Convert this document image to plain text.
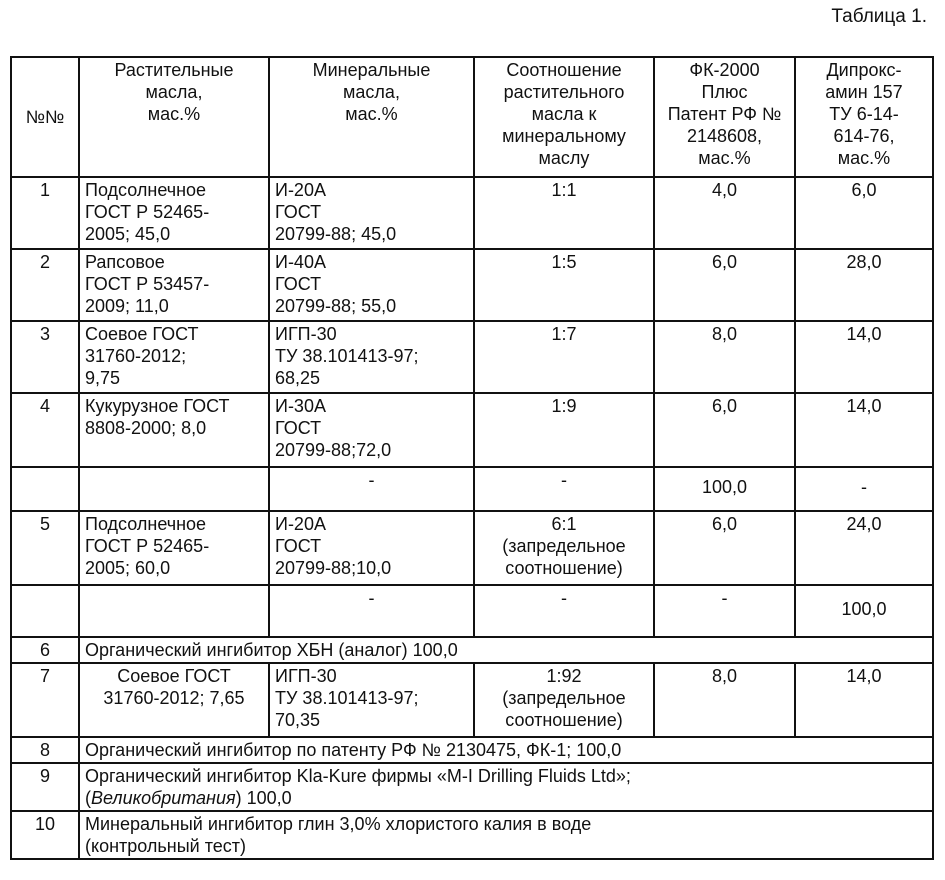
Таблица 1.
№№	Растительные
масла,
мас.%	Минеральные
масла,
мас.%	Соотношение
растительного
масла к
минеральному
маслу	ФК-2000
Плюс
Патент РФ №
2148608,
мас.%	Дипрокс-
амин 157
ТУ 6-14-
614-76,
мас.%
1	Подсолнечное
ГОСТ Р 52465-
2005; 45,0	И-20А
ГОСТ
20799-88; 45,0	1:1	4,0	6,0
2	Рапсовое
ГОСТ Р 53457-
2009; 11,0	И-40А
ГОСТ
20799-88; 55,0	1:5	6,0	28,0
3	Соевое ГОСТ
31760-2012;
9,75	ИГП-30
ТУ 38.101413-97;
68,25	1:7	8,0	14,0
4	Кукурузное ГОСТ
8808-2000; 8,0	И-30А
ГОСТ
20799-88;72,0	1:9	6,0	14,0
		-	-	100,0	-
5	Подсолнечное
ГОСТ Р 52465-
2005; 60,0	И-20А
ГОСТ
20799-88;10,0	6:1
(запредельное
соотношение)	6,0	24,0
		-	-	-	100,0
6	Органический ингибитор ХБН (аналог) 100,0
7	Соевое ГОСТ
31760-2012; 7,65	ИГП-30
ТУ 38.101413-97;
70,35	1:92
(запредельное
соотношение)	8,0	14,0
8	Органический ингибитор по патенту РФ № 2130475, ФК-1; 100,0
9	Органический ингибитор Kla-Kure фирмы «M-I Drilling Fluids Ltd»;
(Великобритания) 100,0
10	Минеральный ингибитор глин 3,0% хлористого калия в воде
(контрольный тест)
